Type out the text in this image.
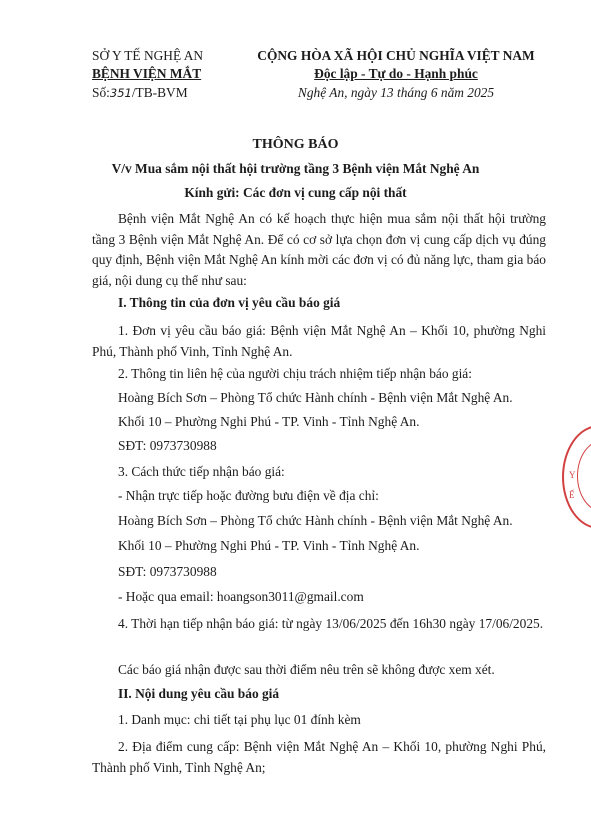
SỞ Y TẾ NGHỆ AN
BỆNH VIỆN MẮT
Số:351/TB-BVM
CỘNG HÒA XÃ HỘI CHỦ NGHĨA VIỆT NAM
Độc lập - Tự do - Hạnh phúc
Nghệ An, ngày 13 tháng 6 năm 2025
THÔNG BÁO
V/v Mua sắm nội thất hội trường tầng 3 Bệnh viện Mắt Nghệ An
Kính gửi: Các đơn vị cung cấp nội thất
Bệnh viện Mắt Nghệ An có kế hoạch thực hiện mua sắm nội thất hội trường tầng 3 Bệnh viện Mắt Nghệ An. Để có cơ sở lựa chọn đơn vị cung cấp dịch vụ đúng quy định, Bệnh viện Mắt Nghệ An kính mời các đơn vị có đủ năng lực, tham gia báo giá, nội dung cụ thể như sau:
I. Thông tin của đơn vị yêu cầu báo giá
1. Đơn vị yêu cầu báo giá: Bệnh viện Mắt Nghệ An – Khối 10, phường Nghi Phú, Thành phố Vinh, Tỉnh Nghệ An.
2. Thông tin liên hệ của người chịu trách nhiệm tiếp nhận báo giá:
Hoàng Bích Sơn – Phòng Tổ chức Hành chính - Bệnh viện Mắt Nghệ An.
Khối 10 – Phường Nghi Phú - TP. Vinh - Tỉnh Nghệ An.
SĐT: 0973730988
3. Cách thức tiếp nhận báo giá:
- Nhận trực tiếp hoặc đường bưu điện về địa chỉ:
Hoàng Bích Sơn – Phòng Tổ chức Hành chính - Bệnh viện Mắt Nghệ An.
Khối 10 – Phường Nghi Phú - TP. Vinh - Tỉnh Nghệ An.
SĐT: 0973730988
- Hoặc qua email: hoangson3011@gmail.com
4. Thời hạn tiếp nhận báo giá: từ ngày 13/06/2025 đến 16h30 ngày 17/06/2025.
Các báo giá nhận được sau thời điểm nêu trên sẽ không được xem xét.
II. Nội dung yêu cầu báo giá
1. Danh mục: chi tiết tại phụ lục 01 đính kèm
2. Địa điểm cung cấp: Bệnh viện Mắt Nghệ An – Khối 10, phường Nghi Phú, Thành phố Vinh, Tỉnh Nghệ An;
Y
Ế
